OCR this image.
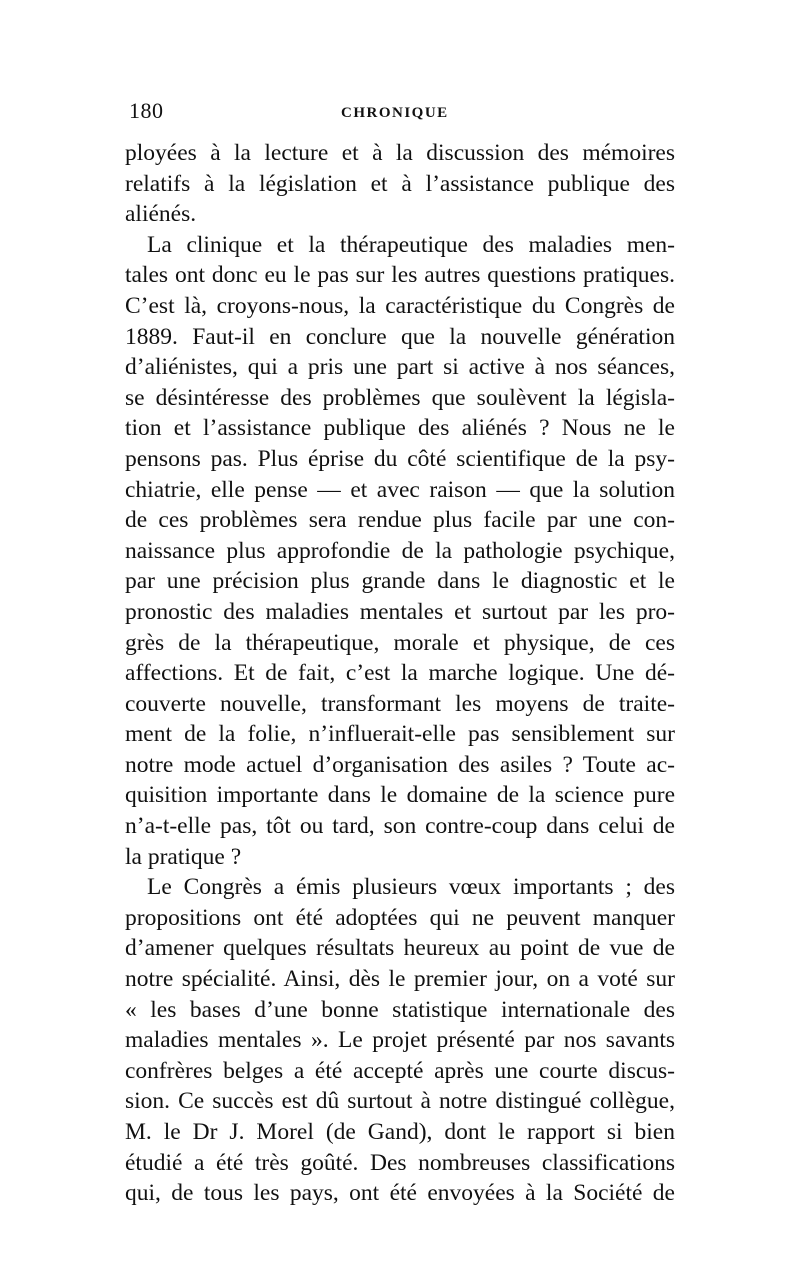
180	CHRONIQUE
ployées à la lecture et à la discussion des mémoires
relatifs à la législation et à l’assistance publique des
aliénés.
La clinique et la thérapeutique des maladies men-
tales ont donc eu le pas sur les autres questions pratiques.
C’est là, croyons-nous, la caractéristique du Congrès de
1889. Faut-il en conclure que la nouvelle génération
d’aliénistes, qui a pris une part si active à nos séances,
se désintéresse des problèmes que soulèvent la législa-
tion et l’assistance publique des aliénés ? Nous ne le
pensons pas. Plus éprise du côté scientifique de la psy-
chiatrie, elle pense — et avec raison — que la solution
de ces problèmes sera rendue plus facile par une con-
naissance plus approfondie de la pathologie psychique,
par une précision plus grande dans le diagnostic et le
pronostic des maladies mentales et surtout par les pro-
grès de la thérapeutique, morale et physique, de ces
affections. Et de fait, c’est la marche logique. Une dé-
couverte nouvelle, transformant les moyens de traite-
ment de la folie, n’influerait-elle pas sensiblement sur
notre mode actuel d’organisation des asiles ? Toute ac-
quisition importante dans le domaine de la science pure
n’a-t-elle pas, tôt ou tard, son contre-coup dans celui de
la pratique ?
Le Congrès a émis plusieurs vœux importants ; des
propositions ont été adoptées qui ne peuvent manquer
d’amener quelques résultats heureux au point de vue de
notre spécialité. Ainsi, dès le premier jour, on a voté sur
« les bases d’une bonne statistique internationale des
maladies mentales ». Le projet présenté par nos savants
confrères belges a été accepté après une courte discus-
sion. Ce succès est dû surtout à notre distingué collègue,
M. le Dr J. Morel (de Gand), dont le rapport si bien
étudié a été très goûté. Des nombreuses classifications
qui, de tous les pays, ont été envoyées à la Société de
